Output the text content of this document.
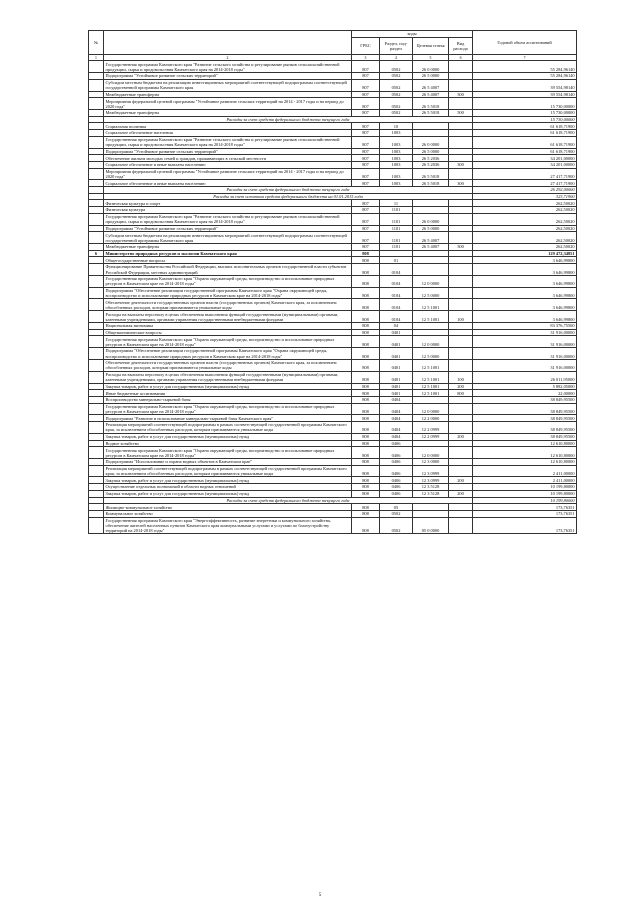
№		коды				Годовой объем ассигнований
		ГРБС	Раздел, под-раздел	Целевая статья	Вид расхода	
1	2	3	4	5	6	7
	Государственная программа Камчатского края "Развитие сельского хозяйства и регулирование рынков сельскохозяйственной продукции, сырья и продовольствия Камчатского края на 2014-2018 годы"	807	0502	26 0 0000		55 284,96140
	Подпрограмма "Устойчивое развитие сельских территорий"	807	0502	26 5 0000		55 284,96140
	Субсидии местным бюджетам на реализацию инвестиционных мероприятий соответствующей подпрограммы соответствующей государственной программы Камчатского края	807	0502	26 5 4007		39 554,98140
	Межбюджетные трансферты	807	0502	26 5 4007	500	39 554,98140
	Мероприятия федеральной целевой программы "Устойчивое развитие сельских территорий на 2014 - 2017 годы и на период до 2020 года"	807	0502	26 5 5018		15 730,00000
	Межбюджетные трансферты	807	0502	26 5 5018	500	15 730,00000
	Расходы за счет средств федерального бюджета текущего года					15 730,00000
	Социальная политика	807	10			61 618,71900
	Социальное обеспечение населения	807	1003			61 618,71900
	Государственная программа Камчатского края "Развитие сельского хозяйства и регулирование рынков сельскохозяйственной продукции, сырья и продовольствия Камчатского края на 2014-2018 годы"	807	1003	26 0 0000		61 618,71900
	Подпрограмма "Устойчивое развитие сельских территорий"	807	1003	26 5 0000		61 618,71900
	Обеспечение жильем молодых семей и граждан, проживающих в сельской местности	807	1003	26 5 2036		34 201,00000
	Социальное обеспечение и иные выплаты населению	807	1003	26 5 2036	300	34 201,00000
	Мероприятия федеральной целевой программы "Устойчивое развитие сельских территорий на 2014 - 2017 годы и на период до 2020 года"	807	1003	26 5 5018		27 417,71900
	Социальное обеспечение и иные выплаты населению	807	1003	26 5 5018	300	27 417,71900
	Расходы за счет средств федерального бюджета текущего года					26 292,00000
	Расходы за счет остатков средств федерального бюджета на 01.01.2015 года					323,71900
	Физическая культура и спорт	807	11			262,50020
	Физическая культура	807	1101			262,50020
	Государственная программа Камчатского края "Развитие сельского хозяйства и регулирование рынков сельскохозяйственной продукции, сырья и продовольствия Камчатского края на 2014-2018 годы"	807	1101	26 0 0000		262,50020
	Подпрограмма "Устойчивое развитие сельских территорий"	807	1101	26 5 0000		262,50020
	Субсидии местным бюджетам на реализацию инвестиционных мероприятий соответствующей подпрограммы соответствующей государственной программы Камчатского края	807	1101	26 5 4007		262,50020
	Межбюджетные трансферты	807	1101	26 5 4007	500	262,50020
6	Министерство природных ресурсов и экологии Камчатского края	808				129 472,34851
	Общегосударственные вопросы	808	01			3 646,99800
	Функционирование Правительства Российской Федерации, высших исполнительных органов государственной власти субъектов Российской Федерации, местных администраций	808	0104			3 646,99800
	Государственная программа Камчатского края "Охрана окружающей среды, воспроизводство и использование природных ресурсов в Камчатском крае на 2014-2018 годы"	808	0104	12 0 0000		3 646,99800
	Подпрограмма "Обеспечение реализации государственной программы Камчатского края "Охрана окружающей среды, воспроизводство и использование природных ресурсов в Камчатском крае на 2014-2018 годы"	808	0104	12 5 0000		3 646,99800
	Обеспечение деятельности государственных органов власти (государственных органов) Камчатского края, за исключением обособленных расходов, которым присваиваются уникальные коды	808	0104	12 5 1001		3 646,99800
	Расходы на выплаты персоналу в целях обеспечения выполнения функций государственными (муниципальными) органами, казенными учреждениями, органами управления государственными внебюджетными фондами	808	0104	12 5 1001	100	3 646,99800
	Национальная экономика	808	04			83 376,75500
	Общеэкономические вопросы	808	0401			31 916,00000
	Государственная программа Камчатского края "Охрана окружающей среды, воспроизводство и использование природных ресурсов в Камчатском крае на 2014-2018 годы"	808	0401	12 0 0000		31 916,00000
	Подпрограмма "Обеспечение реализации государственной программы Камчатского края "Охрана окружающей среды, воспроизводство и использование природных ресурсов в Камчатском крае на 2014-2018 годы"	808	0401	12 5 0000		31 916,00000
	Обеспечение деятельности государственных органов власти (государственных органов) Камчатского края, за исключением обособленных расходов, которым присваиваются уникальные коды	808	0401	12 5 1001		31 916,00000
	Расходы на выплаты персоналу в целях обеспечения выполнения функций государственными (муниципальными) органами, казенными учреждениями, органами управления государственными внебюджетными фондами	808	0401	12 5 1001	100	26 011,95000
	Закупка товаров, работ и услуг для государственных (муниципальных) нужд	808	0401	12 5 1001	200	5 882,05000
	Иные бюджетные ассигнования	808	0401	12 5 1001	800	22,00000
	Воспроизводство минерально-сырьевой базы	808	0404			38 849,95500
	Государственная программа Камчатского края "Охрана окружающей среды, воспроизводство и использование природных ресурсов в Камчатском крае на 2014-2018 годы"	808	0404	12 0 0000		38 849,95500
	Подпрограмма "Развитие и использование минерально-сырьевой базы Камчатского края"	808	0404	12 2 0000		38 849,95500
	Реализация мероприятий соответствующей подпрограммы в рамках соответствующей государственной программы Камчатского края, за исключением обособленных расходов, которым присваиваются уникальные коды	808	0404	12 2 0999		38 849,95500
	Закупка товаров, работ и услуг для государственных (муниципальных) нужд	808	0404	12 2 0999	200	38 849,95500
	Водное хозяйство	808	0406			12 610,80000
	Государственная программа Камчатского края "Охрана окружающей среды, воспроизводство и использование природных ресурсов в Камчатском крае на 2014-2018 годы"	808	0406	12 0 0000		12 610,80000
	Подпрограмма "Использование и охрана водных объектов в Камчатском крае"	808	0406	12 3 0000		12 610,80000
	Реализация мероприятий соответствующей подпрограммы в рамках соответствующей государственной программы Камчатского края, за исключением обособленных расходов, которым присваиваются уникальные коды	808	0406	12 3 0999		2 411,00000
	Закупка товаров, работ и услуг для государственных (муниципальных) нужд	808	0406	12 3 0999	200	2 411,00000
	Осуществление отдельных полномочий в области водных отношений	808	0406	12 3 5128		10 199,80000
	Закупка товаров, работ и услуг для государственных (муниципальных) нужд	808	0406	12 3 5128	200	10 199,80000
	Расходы за счет средств федерального бюджета текущего года					10 199,80000
	Жилищно-коммунальное хозяйство	808	05			173,76351
	Коммунальное хозяйство	808	0502			173,76351
	Государственная программа Камчатского края "Энергоэффективность, развитие энергетики и коммунального хозяйства, обеспечение жителей населенных пунктов Камчатского края коммунальными услугами и услугами по благоустройству территорий на 2014-2018 годы"	808	0502	05 0 0000		173,76351
5
